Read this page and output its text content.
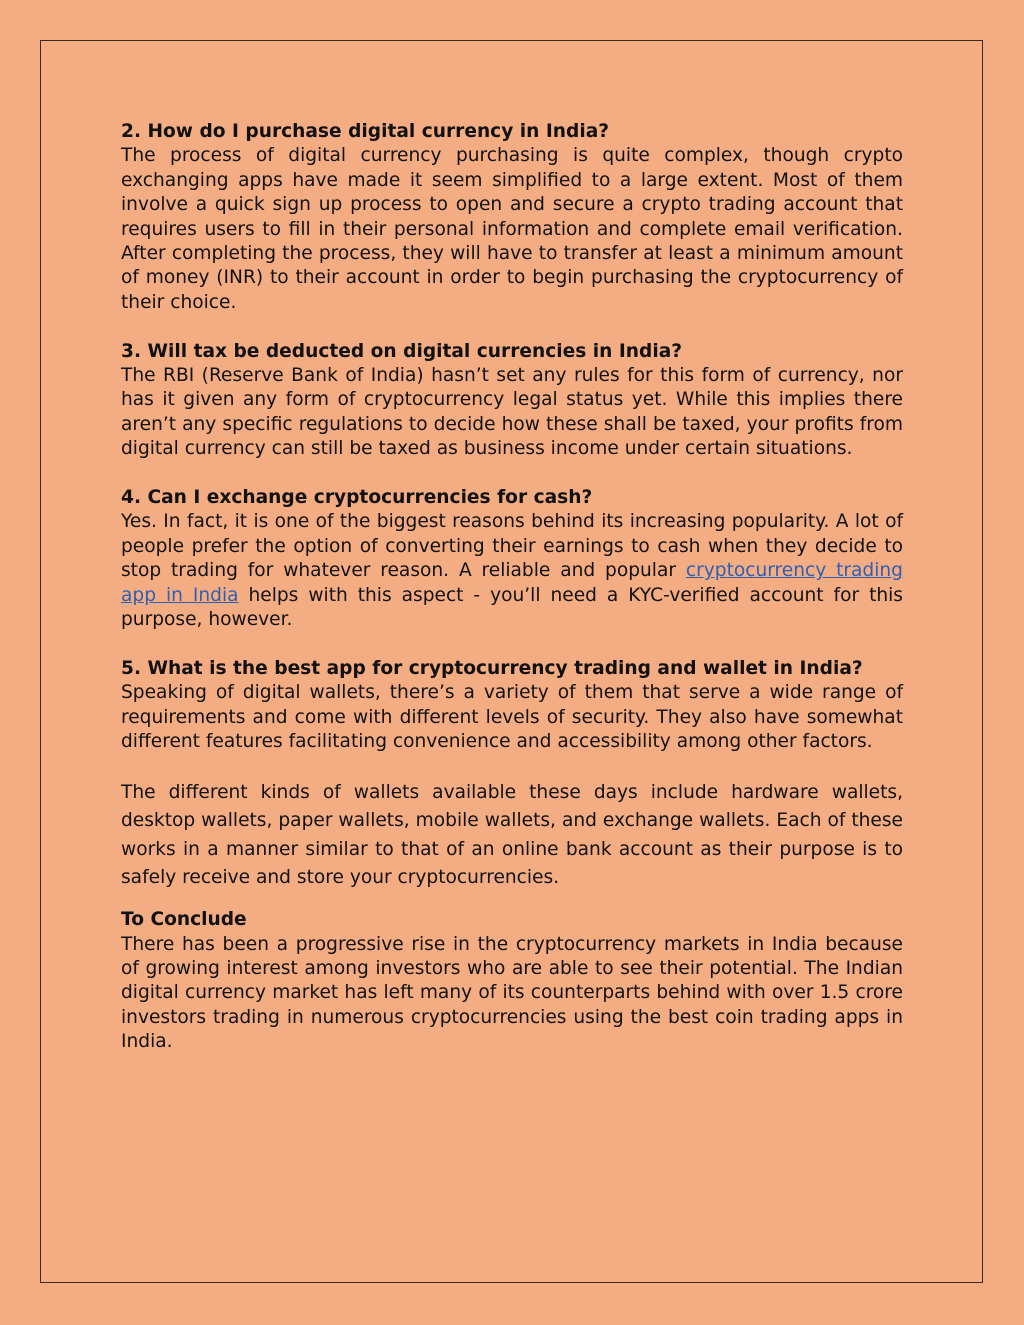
2. How do I purchase digital currency in India?

The process of digital currency purchasing is quite complex, though crypto exchanging apps have made it seem simplified to a large extent. Most of them involve a quick sign up process to open and secure a crypto trading account that requires users to fill in their personal information and complete email verification. After completing the process, they will have to transfer at least a minimum amount of money (INR) to their account in order to begin purchasing the cryptocurrency of their choice.

3. Will tax be deducted on digital currencies in India?

The RBI (Reserve Bank of India) hasn’t set any rules for this form of currency, nor has it given any form of cryptocurrency legal status yet. While this implies there aren’t any specific regulations to decide how these shall be taxed, your profits from digital currency can still be taxed as business income under certain situations.

4. Can I exchange cryptocurrencies for cash?

Yes. In fact, it is one of the biggest reasons behind its increasing popularity. A lot of people prefer the option of converting their earnings to cash when they decide to stop trading for whatever reason. A reliable and popular cryptocurrency trading app in India helps with this aspect - you’ll need a KYC-verified account for this purpose, however.

5. What is the best app for cryptocurrency trading and wallet in India?

Speaking of digital wallets, there’s a variety of them that serve a wide range of requirements and come with different levels of security. They also have somewhat different features facilitating convenience and accessibility among other factors.

The different kinds of wallets available these days include hardware wallets, desktop wallets, paper wallets, mobile wallets, and exchange wallets. Each of these works in a manner similar to that of an online bank account as their purpose is to safely receive and store your cryptocurrencies.

To Conclude

There has been a progressive rise in the cryptocurrency markets in India because of growing interest among investors who are able to see their potential. The Indian digital currency market has left many of its counterparts behind with over 1.5 crore investors trading in numerous cryptocurrencies using the best coin trading apps in India.
